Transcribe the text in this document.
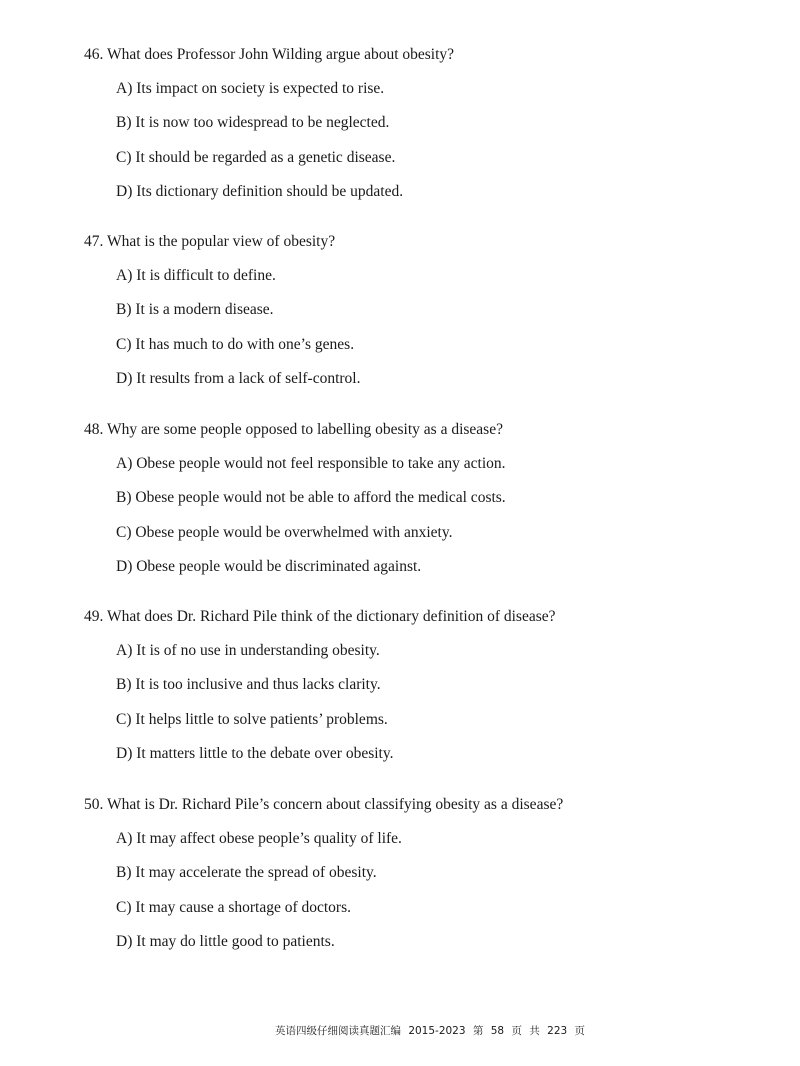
46. What does Professor John Wilding argue about obesity?
A) Its impact on society is expected to rise.
B) It is now too widespread to be neglected.
C) It should be regarded as a genetic disease.
D) Its dictionary definition should be updated.
47. What is the popular view of obesity?
A) It is difficult to define.
B) It is a modern disease.
C) It has much to do with one’s genes.
D) It results from a lack of self-control.
48. Why are some people opposed to labelling obesity as a disease?
A) Obese people would not feel responsible to take any action.
B) Obese people would not be able to afford the medical costs.
C) Obese people would be overwhelmed with anxiety.
D) Obese people would be discriminated against.
49. What does Dr. Richard Pile think of the dictionary definition of disease?
A) It is of no use in understanding obesity.
B) It is too inclusive and thus lacks clarity.
C) It helps little to solve patients’ problems.
D) It matters little to the debate over obesity.
50. What is Dr. Richard Pile’s concern about classifying obesity as a disease?
A) It may affect obese people’s quality of life.
B) It may accelerate the spread of obesity.
C) It may cause a shortage of doctors.
D) It may do little good to patients.
英语四级仔细阅读真题汇编 2015-2023 第 58 页 共 223 页
